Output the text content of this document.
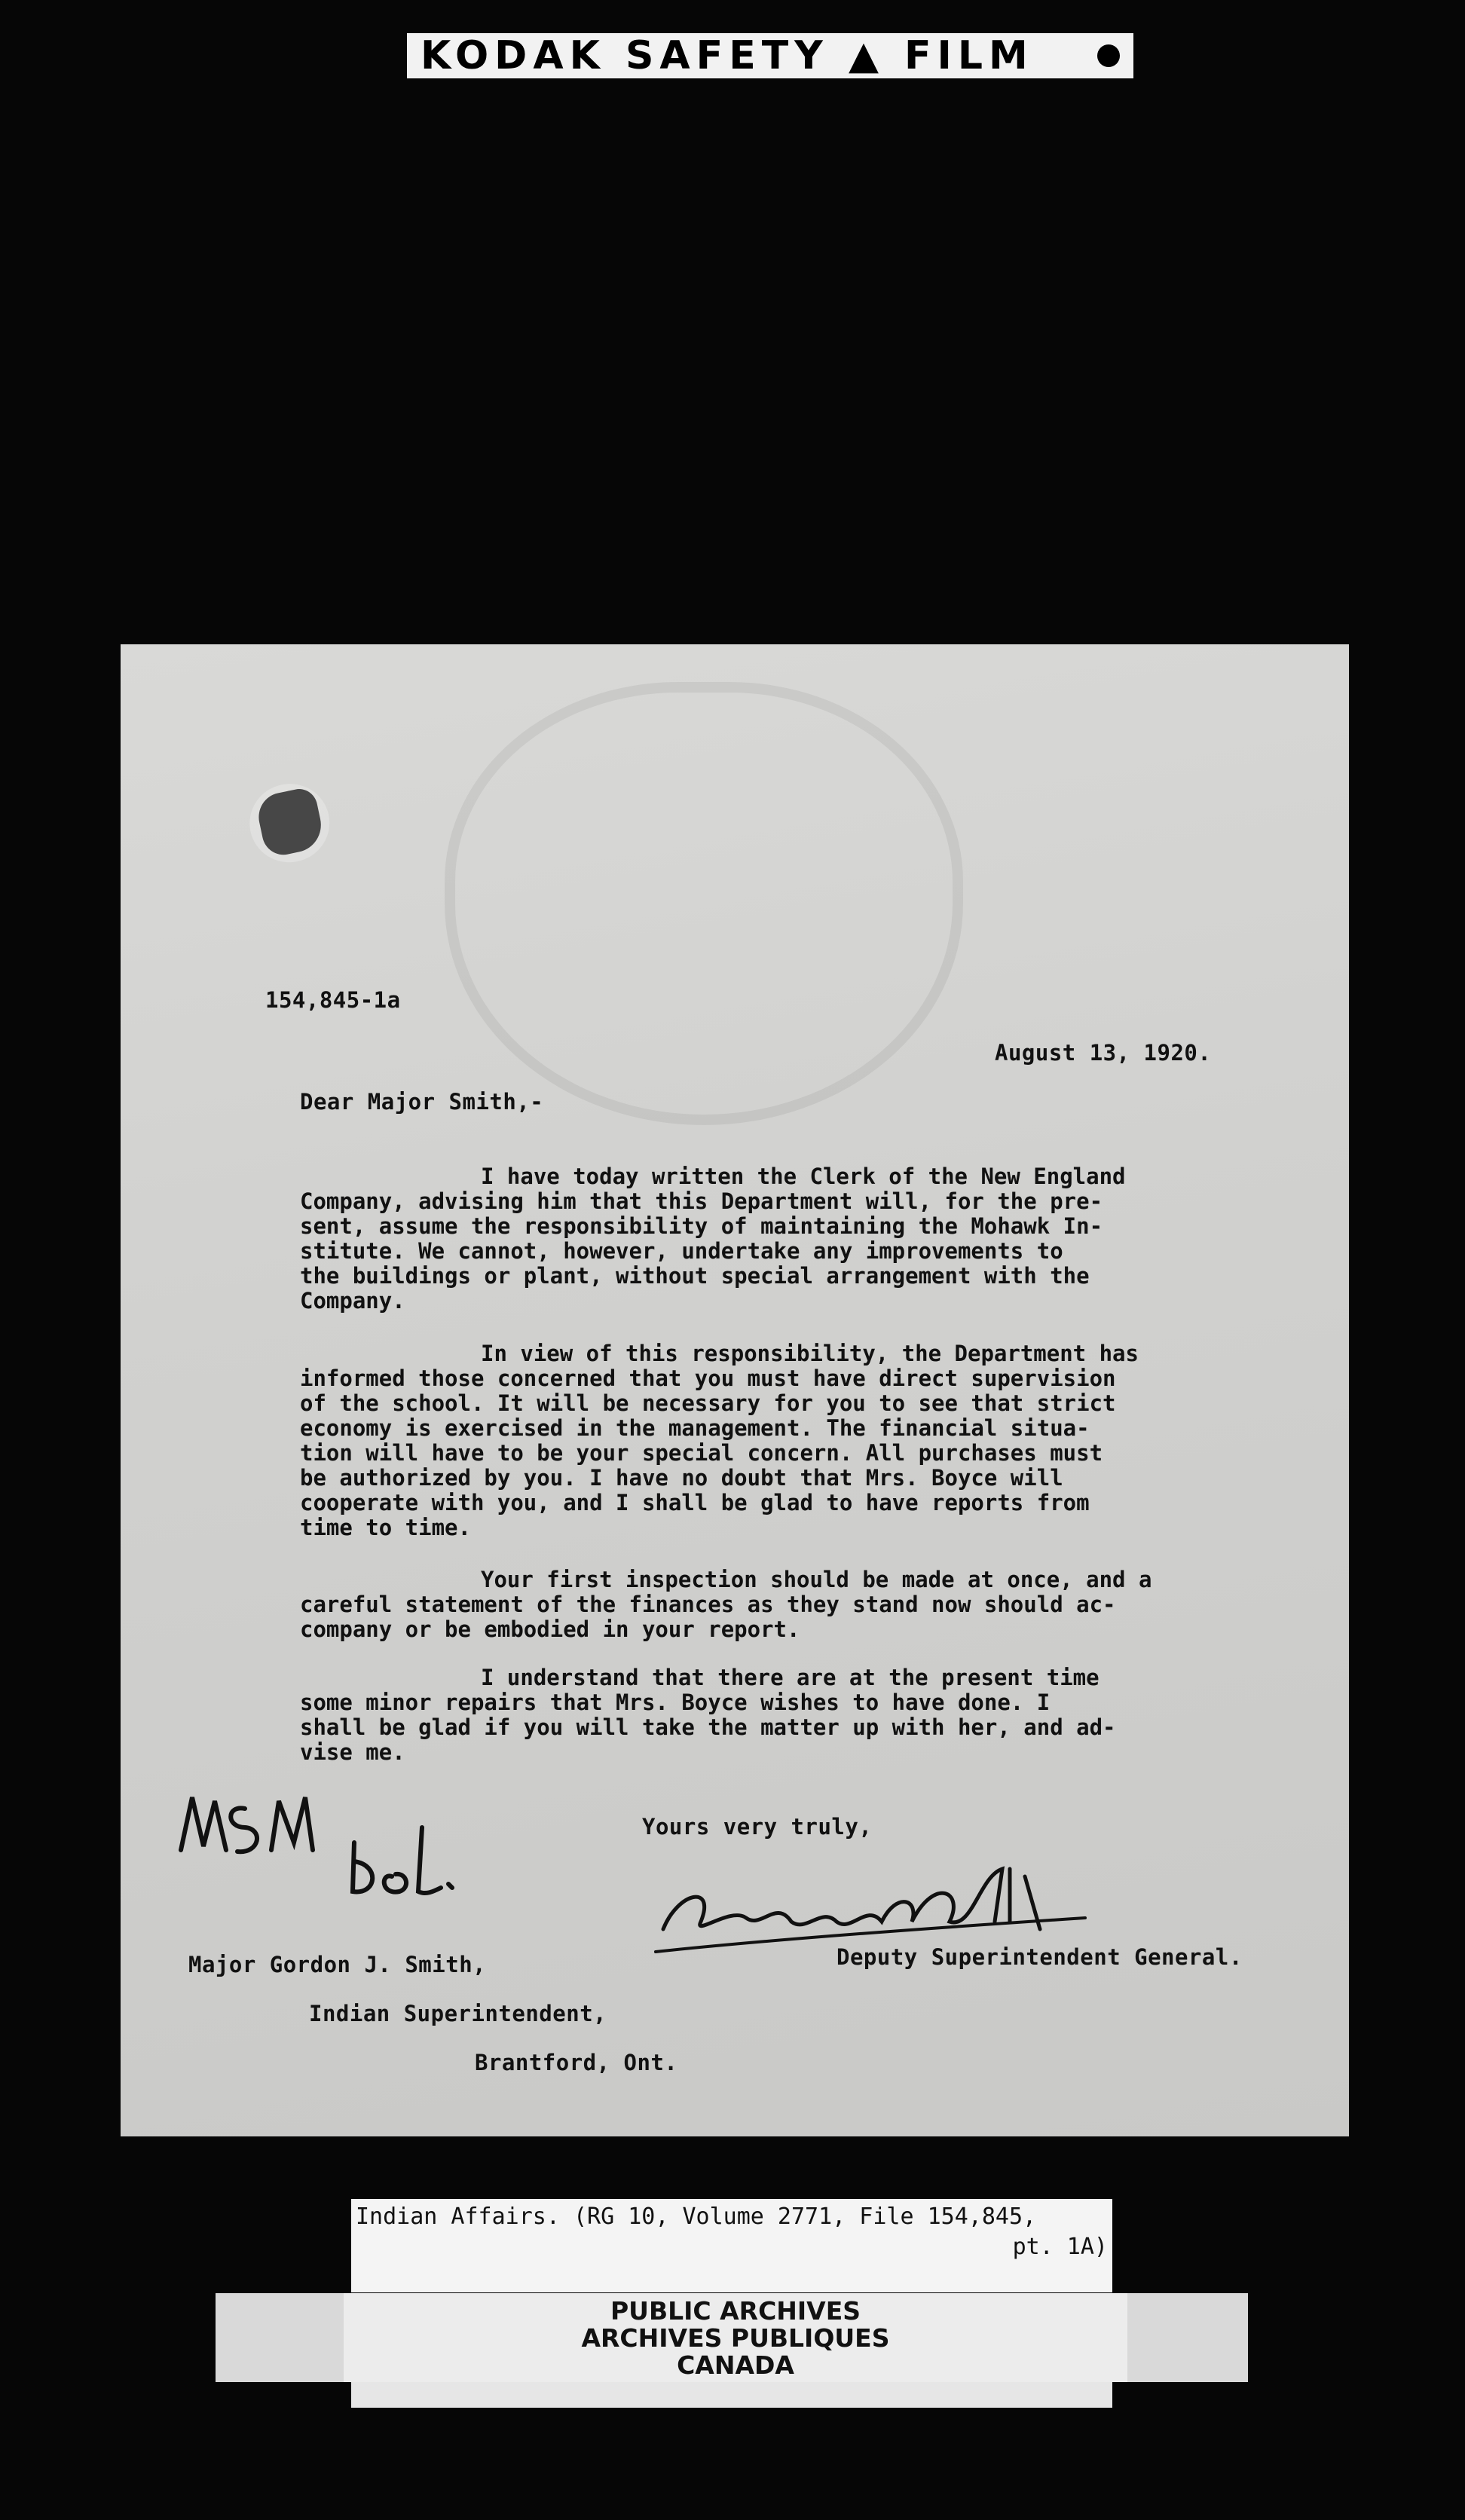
KODAK SAFETY ▲ FILM
154,845-1a
August 13, 1920.
Dear Major Smith,-
I have today written the Clerk of the New England
Company, advising him that this Department will, for the pre-
sent, assume the responsibility of maintaining the Mohawk In-
stitute. We cannot, however, undertake any improvements to
the buildings or plant, without special arrangement with the
Company.
In view of this responsibility, the Department has
informed those concerned that you must have direct supervision
of the school. It will be necessary for you to see that strict
economy is exercised in the management. The financial situa-
tion will have to be your special concern. All purchases must
be authorized by you. I have no doubt that Mrs. Boyce will
cooperate with you, and I shall be glad to have reports from
time to time.
Your first inspection should be made at once, and a
careful statement of the finances as they stand now should ac-
company or be embodied in your report.
I understand that there are at the present time
some minor repairs that Mrs. Boyce wishes to have done. I
shall be glad if you will take the matter up with her, and ad-
vise me.
Yours very truly,
Deputy Superintendent General.
Major Gordon J. Smith,
Indian Superintendent,
Brantford, Ont.
Indian Affairs. (RG 10, Volume 2771, File 154,845,
pt. 1A)
PUBLIC ARCHIVES
ARCHIVES PUBLIQUES
CANADA
